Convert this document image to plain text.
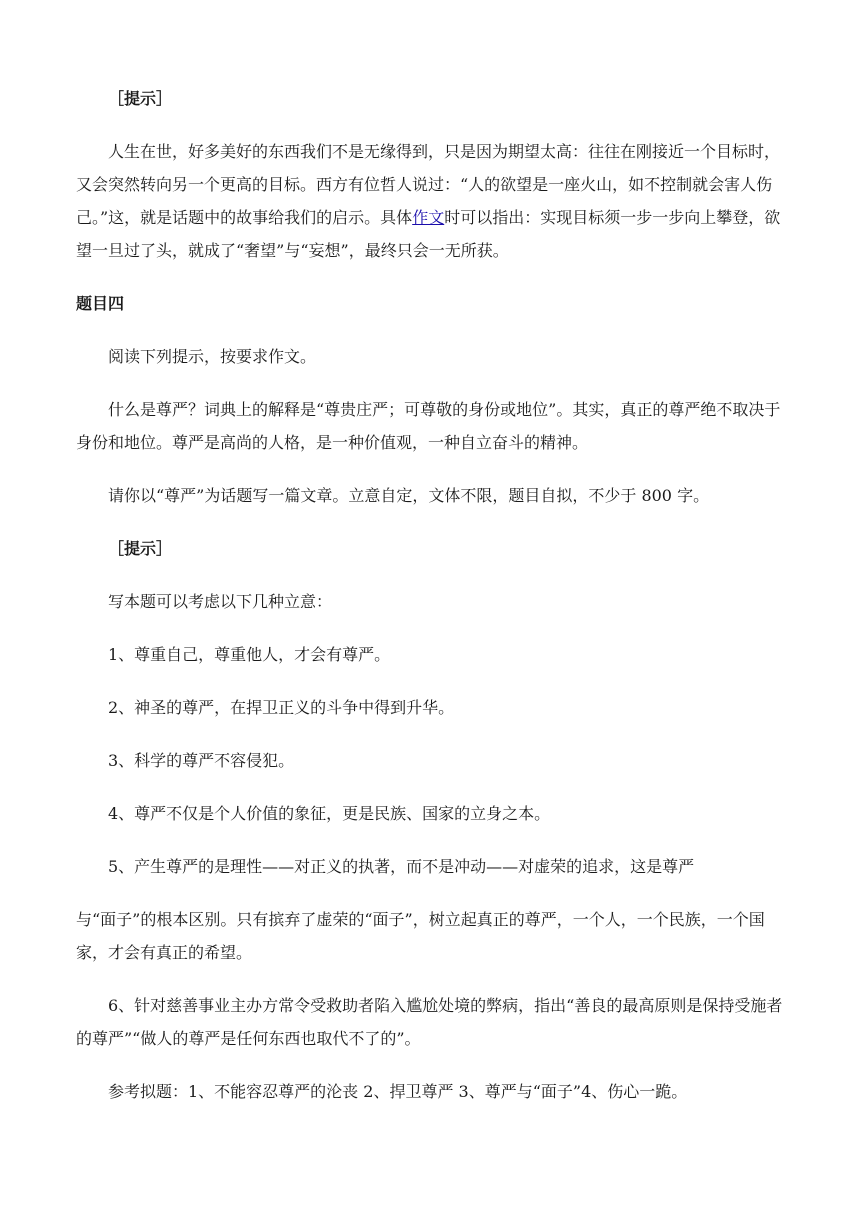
［提示］

人生在世，好多美好的东西我们不是无缘得到，只是因为期望太高：往往在刚接近一个目标时，又会突然转向另一个更高的目标。西方有位哲人说过：“人的欲望是一座火山，如不控制就会害人伤己。”这，就是话题中的故事给我们的启示。具体作文时可以指出：实现目标须一步一步向上攀登，欲望一旦过了头，就成了“奢望”与“妄想”，最终只会一无所获。

题目四

阅读下列提示，按要求作文。

什么是尊严？词典上的解释是“尊贵庄严；可尊敬的身份或地位”。其实，真正的尊严绝不取决于身份和地位。尊严是高尚的人格，是一种价值观，一种自立奋斗的精神。

请你以“尊严”为话题写一篇文章。立意自定，文体不限，题目自拟，不少于 800 字。

［提示］

写本题可以考虑以下几种立意：

1、尊重自己，尊重他人，才会有尊严。

2、神圣的尊严，在捍卫正义的斗争中得到升华。

3、科学的尊严不容侵犯。

4、尊严不仅是个人价值的象征，更是民族、国家的立身之本。

5、产生尊严的是理性——对正义的执著，而不是冲动——对虚荣的追求，这是尊严

与“面子”的根本区别。只有摈弃了虚荣的“面子”，树立起真正的尊严，一个人，一个民族，一个国家，才会有真正的希望。

6、针对慈善事业主办方常令受救助者陷入尴尬处境的弊病，指出“善良的最高原则是保持受施者的尊严”“做人的尊严是任何东西也取代不了的”。

参考拟题：1、不能容忍尊严的沦丧 2、捍卫尊严 3、尊严与“面子”4、伤心一跪。
